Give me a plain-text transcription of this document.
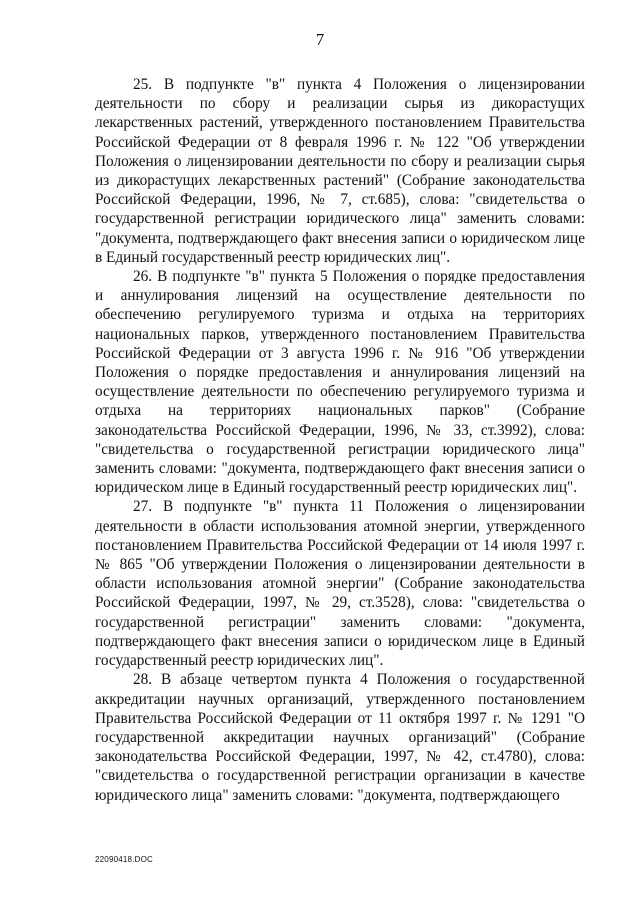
7

25. В подпункте "в" пункта 4 Положения о лицензировании деятельности по сбору и реализации сырья из дикорастущих лекарственных растений, утвержденного постановлением Правительства Российской Федерации от 8 февраля 1996 г. № 122 "Об утверждении Положения о лицензировании деятельности по сбору и реализации сырья из дикорастущих лекарственных растений" (Собрание законодательства Российской Федерации, 1996, № 7, ст.685), слова: "свидетельства о государственной регистрации юридического лица" заменить словами: "документа, подтверждающего факт внесения записи о юридическом лице в Единый государственный реестр юридических лиц".

26. В подпункте "в" пункта 5 Положения о порядке предоставления и аннулирования лицензий на осуществление деятельности по обеспечению регулируемого туризма и отдыха на территориях национальных парков, утвержденного постановлением Правительства Российской Федерации от 3 августа 1996 г. № 916 "Об утверждении Положения о порядке предоставления и аннулирования лицензий на осуществление деятельности по обеспечению регулируемого туризма и отдыха на территориях национальных парков" (Собрание законодательства Российской Федерации, 1996, № 33, ст.3992), слова: "свидетельства о государственной регистрации юридического лица" заменить словами: "документа, подтверждающего факт внесения записи о юридическом лице в Единый государственный реестр юридических лиц".

27. В подпункте "в" пункта 11 Положения о лицензировании деятельности в области использования атомной энергии, утвержденного постановлением Правительства Российской Федерации от 14 июля 1997 г. № 865 "Об утверждении Положения о лицензировании деятельности в области использования атомной энергии" (Собрание законодательства Российской Федерации, 1997, № 29, ст.3528), слова: "свидетельства о государственной регистрации" заменить словами: "документа, подтверждающего факт внесения записи о юридическом лице в Единый государственный реестр юридических лиц".

28. В абзаце четвертом пункта 4 Положения о государственной аккредитации научных организаций, утвержденного постановлением Правительства Российской Федерации от 11 октября 1997 г. № 1291 "О государственной аккредитации научных организаций" (Собрание законодательства Российской Федерации, 1997, № 42, ст.4780), слова: "свидетельства о государственной регистрации организации в качестве юридического лица" заменить словами: "документа, подтверждающего

22090418.DOC
